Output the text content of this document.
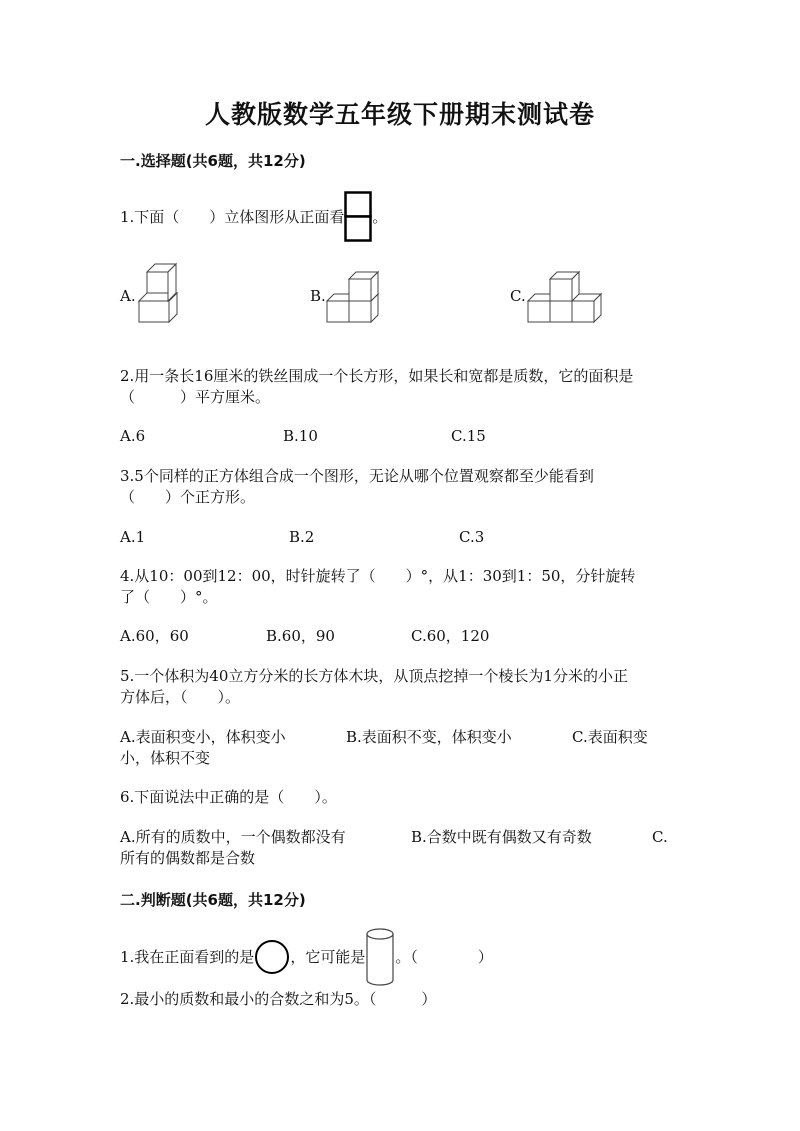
人教版数学五年级下册期末测试卷
一.选择题(共6题，共12分)
1.下面（　　）立体图形从正面看 。
A.	B.	C.
2.用一条长16厘米的铁丝围成一个长方形，如果长和宽都是质数，它的面积是
（　　　）平方厘米。
A.6	B.10	C.15
3.5个同样的正方体组合成一个图形，无论从哪个位置观察都至少能看到
（　　）个正方形。
A.1	B.2	C.3
4.从10：00到12：00，时针旋转了（　　）°，从1：30到1：50，分针旋转
了（　　）°。
A.60，60	B.60，90	C.60，120
5.一个体积为40立方分米的长方体木块，从顶点挖掉一个棱长为1分米的小正
方体后，（　　）。
A.表面积变小，体积变小	B.表面积不变，体积变小	C.表面积变
小，体积不变
6.下面说法中正确的是（　　）。
A.所有的质数中，一个偶数都没有	B.合数中既有偶数又有奇数	C.
所有的偶数都是合数
二.判断题(共6题，共12分)
1.我在正面看到的是 ，它可能是 。（　　　　）
2.最小的质数和最小的合数之和为5。（　　　）
